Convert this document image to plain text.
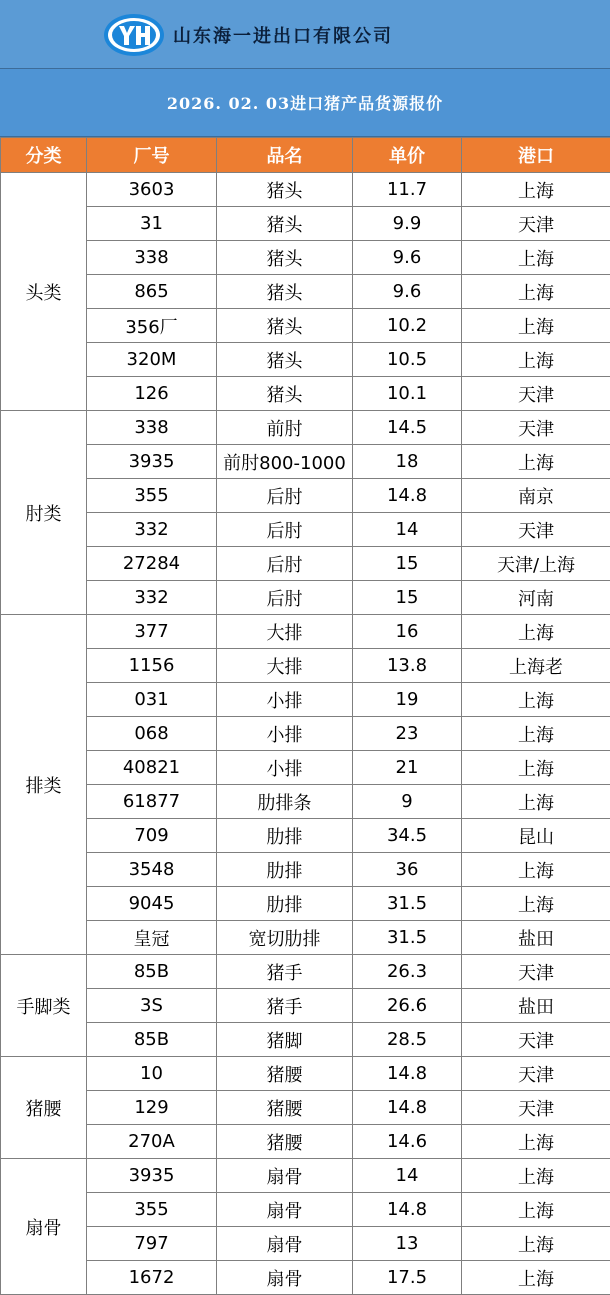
山东海一进出口有限公司
2026. 02. 03进口猪产品货源报价
分类	厂号	品名	单价	港口
头类	3603	猪头	11.7	上海
	31	猪头	9.9	天津
	338	猪头	9.6	上海
	865	猪头	9.6	上海
	356厂	猪头	10.2	上海
	320M	猪头	10.5	上海
	126	猪头	10.1	天津
肘类	338	前肘	14.5	天津
	3935	前肘800-1000	18	上海
	355	后肘	14.8	南京
	332	后肘	14	天津
	27284	后肘	15	天津/上海
	332	后肘	15	河南
排类	377	大排	16	上海
	1156	大排	13.8	上海老
	031	小排	19	上海
	068	小排	23	上海
	40821	小排	21	上海
	61877	肋排条	9	上海
	709	肋排	34.5	昆山
	3548	肋排	36	上海
	9045	肋排	31.5	上海
	皇冠	宽切肋排	31.5	盐田
手脚类	85B	猪手	26.3	天津
	3S	猪手	26.6	盐田
	85B	猪脚	28.5	天津
猪腰	10	猪腰	14.8	天津
	129	猪腰	14.8	天津
	270A	猪腰	14.6	上海
扇骨	3935	扇骨	14	上海
	355	扇骨	14.8	上海
	797	扇骨	13	上海
	1672	扇骨	17.5	上海
